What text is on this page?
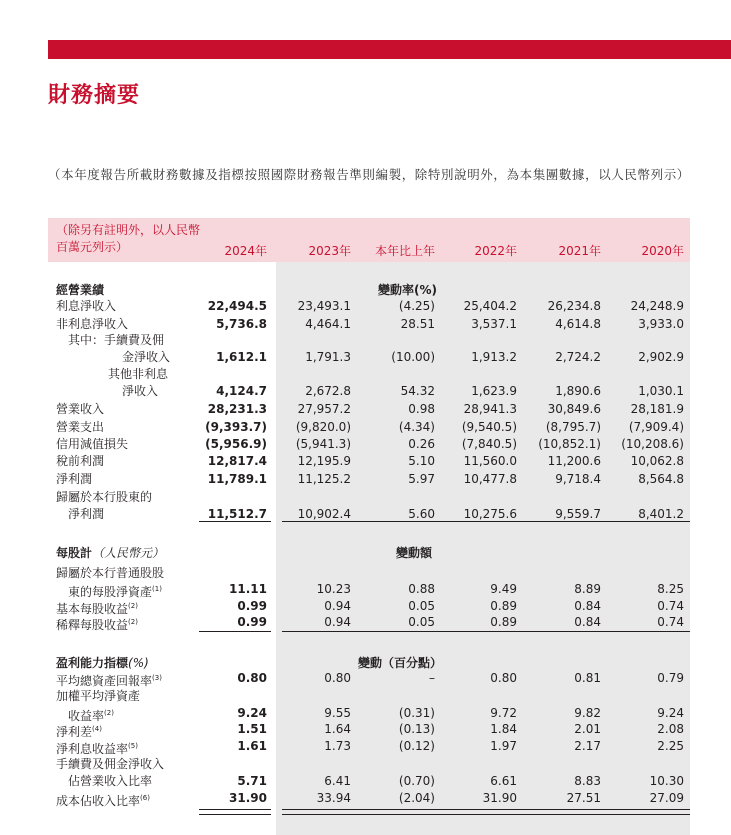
財務摘要
（本年度報告所載財務數據及指標按照國際財務報告準則編製，除特別說明外，為本集團數據，以人民幣列示）
（除另有註明外，以人民幣百萬元列示）	2024年	2023年 本年比上年	2022年	2021年	2020年
經營業績	變動率(%)
利息淨收入	22,494.5	23,493.1	(4.25) 25,404.2	26,234.8 24,248.9
非利息淨收入	5,736.8	4,464.1	28.51	3,537.1	4,614.8	3,933.0
其中：手續費及佣
金淨收入	1,612.1	1,791.3	(10.00)	1,913.2	2,724.2	2,902.9
其他非利息
淨收入	4,124.7	2,672.8	54.32	1,623.9	1,890.6	1,030.1
營業收入	28,231.3	27,957.2	0.98 28,941.3	30,849.6 28,181.9
營業支出	(9,393.7) (9,820.0)	(4.34) (9,540.5) (8,795.7) (7,909.4)
信用減值損失	(5,956.9) (5,941.3)	0.26 (7,840.5) (10,852.1) (10,208.6)
稅前利潤	12,817.4	12,195.9	5.10 11,560.0	11,200.6 10,062.8
淨利潤	11,789.1	11,125.2	5.97 10,477.8	9,718.4	8,564.8
歸屬於本行股東的
淨利潤	11,512.7	10,902.4	5.60 10,275.6	9,559.7	8,401.2
每股計（人民幣元）	變動額
歸屬於本行普通股股
東的每股淨資產$^{(1)}$	11.11	10.23	0.88	9.49	8.89	8.25
基本每股收益$^{(2)}$	0.99	0.94	0.05	0.89	0.84	0.74
稀釋每股收益$^{(2)}$	0.99	0.94	0.05	0.89	0.84	0.74
盈利能力指標(%)	變動（百分點）
平均總資產回報率$^{(3)}$	0.80	0.80	–	0.80	0.81	0.79
加權平均淨資產
收益率$^{(2)}$	9.24	9.55	(0.31)	9.72	9.82	9.24
淨利差$^{(4)}$	1.51	1.64	(0.13)	1.84	2.01	2.08
淨利息收益率$^{(5)}$	1.61	1.73	(0.12)	1.97	2.17	2.25
手續費及佣金淨收入
佔營業收入比率	5.71	6.41	(0.70)	6.61	8.83	10.30
成本佔收入比率$^{(6)}$	31.90	33.94	(2.04)	31.90	27.51	27.09
